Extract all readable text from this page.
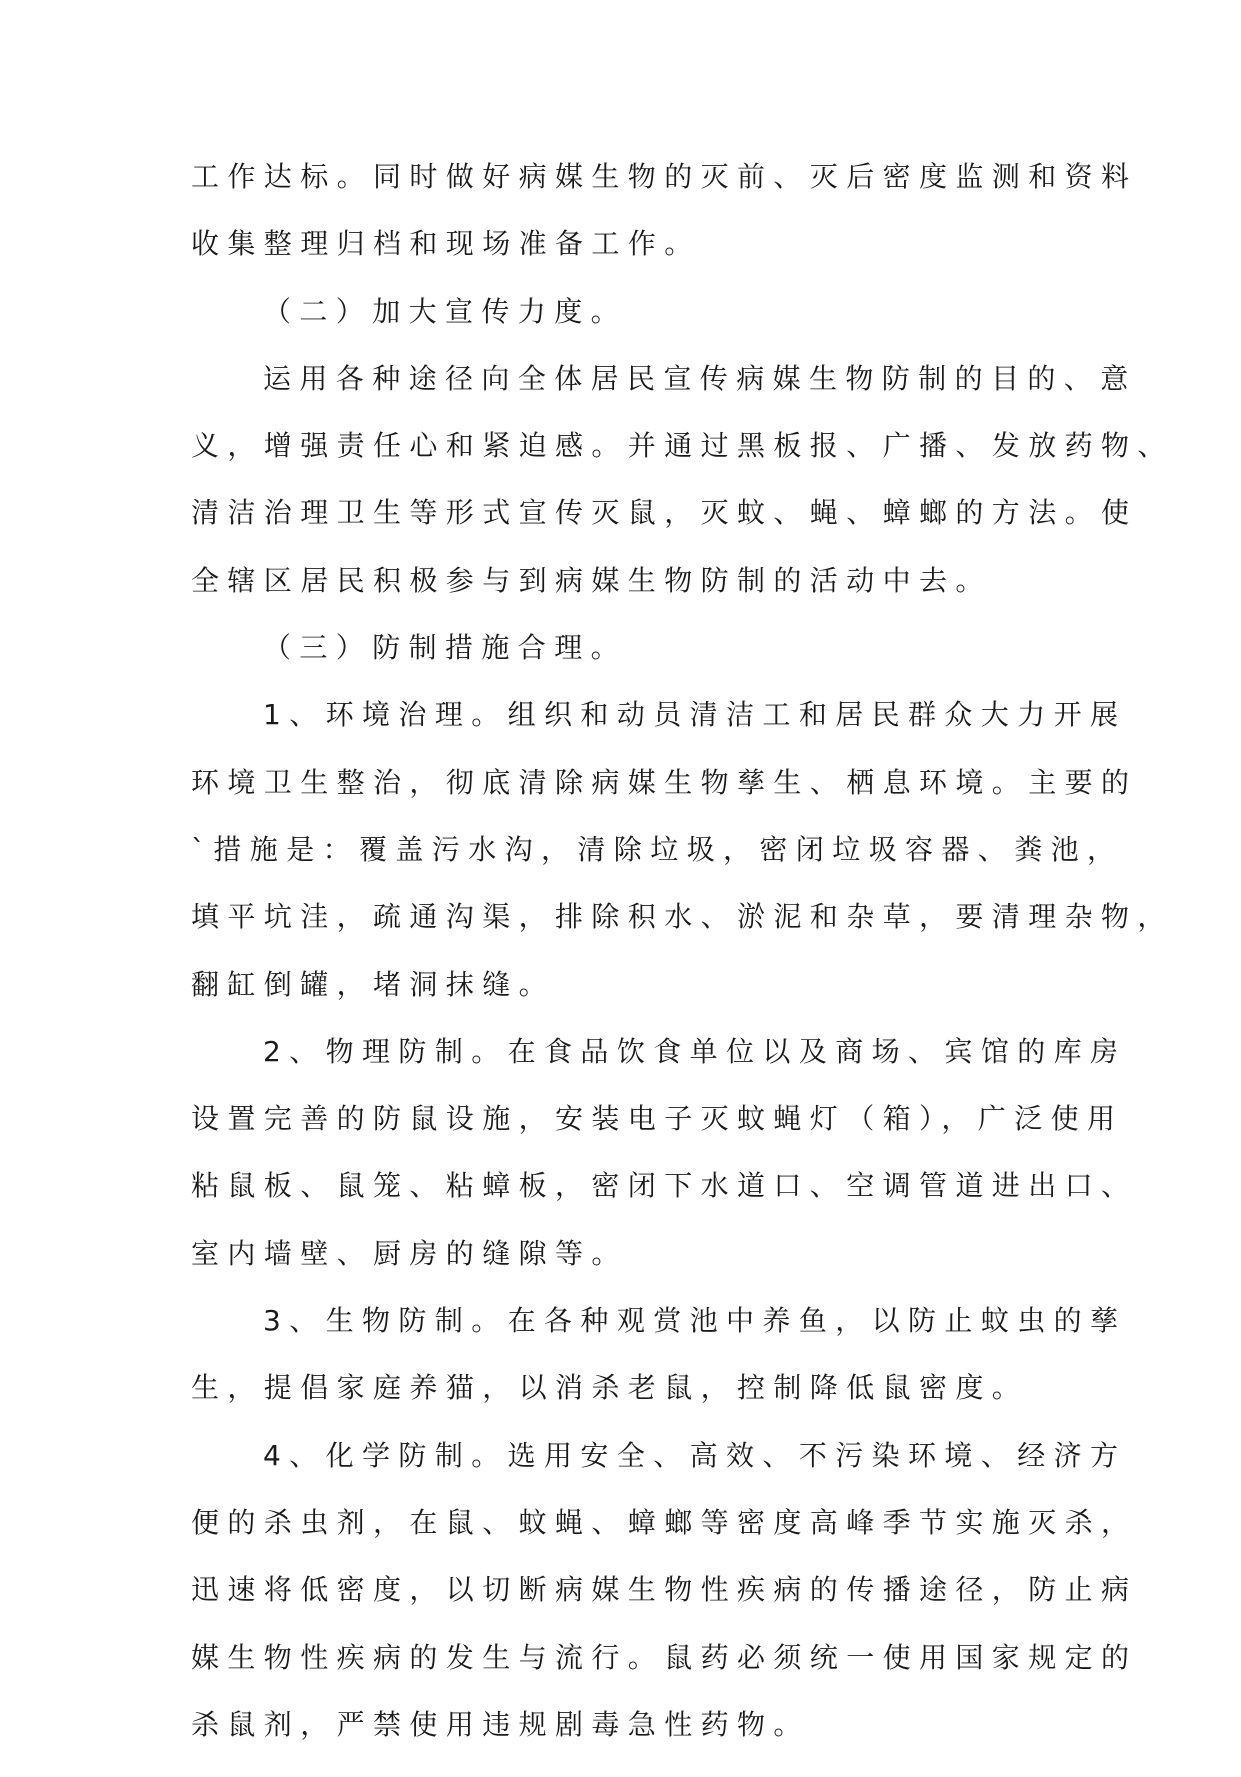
工作达标。同时做好病媒生物的灭前、灭后密度监测和资料
收集整理归档和现场准备工作。
（二）加大宣传力度。
运用各种途径向全体居民宣传病媒生物防制的目的、意
义，增强责任心和紧迫感。并通过黑板报、广播、发放药物、
清洁治理卫生等形式宣传灭鼠，灭蚊、蝇、蟑螂的方法。使
全辖区居民积极参与到病媒生物防制的活动中去。
（三）防制措施合理。
1、环境治理。组织和动员清洁工和居民群众大力开展
环境卫生整治，彻底清除病媒生物孳生、栖息环境。主要的
`措施是：覆盖污水沟，清除垃圾，密闭垃圾容器、粪池，
填平坑洼，疏通沟渠，排除积水、淤泥和杂草，要清理杂物，
翻缸倒罐，堵洞抹缝。
2、物理防制。在食品饮食单位以及商场、宾馆的库房
设置完善的防鼠设施，安装电子灭蚊蝇灯（箱），广泛使用
粘鼠板、鼠笼、粘蟑板，密闭下水道口、空调管道进出口、
室内墙壁、厨房的缝隙等。
3、生物防制。在各种观赏池中养鱼，以防止蚊虫的孳
生，提倡家庭养猫，以消杀老鼠，控制降低鼠密度。
4、化学防制。选用安全、高效、不污染环境、经济方
便的杀虫剂，在鼠、蚊蝇、蟑螂等密度高峰季节实施灭杀，
迅速将低密度，以切断病媒生物性疾病的传播途径，防止病
媒生物性疾病的发生与流行。鼠药必须统一使用国家规定的
杀鼠剂，严禁使用违规剧毒急性药物。
